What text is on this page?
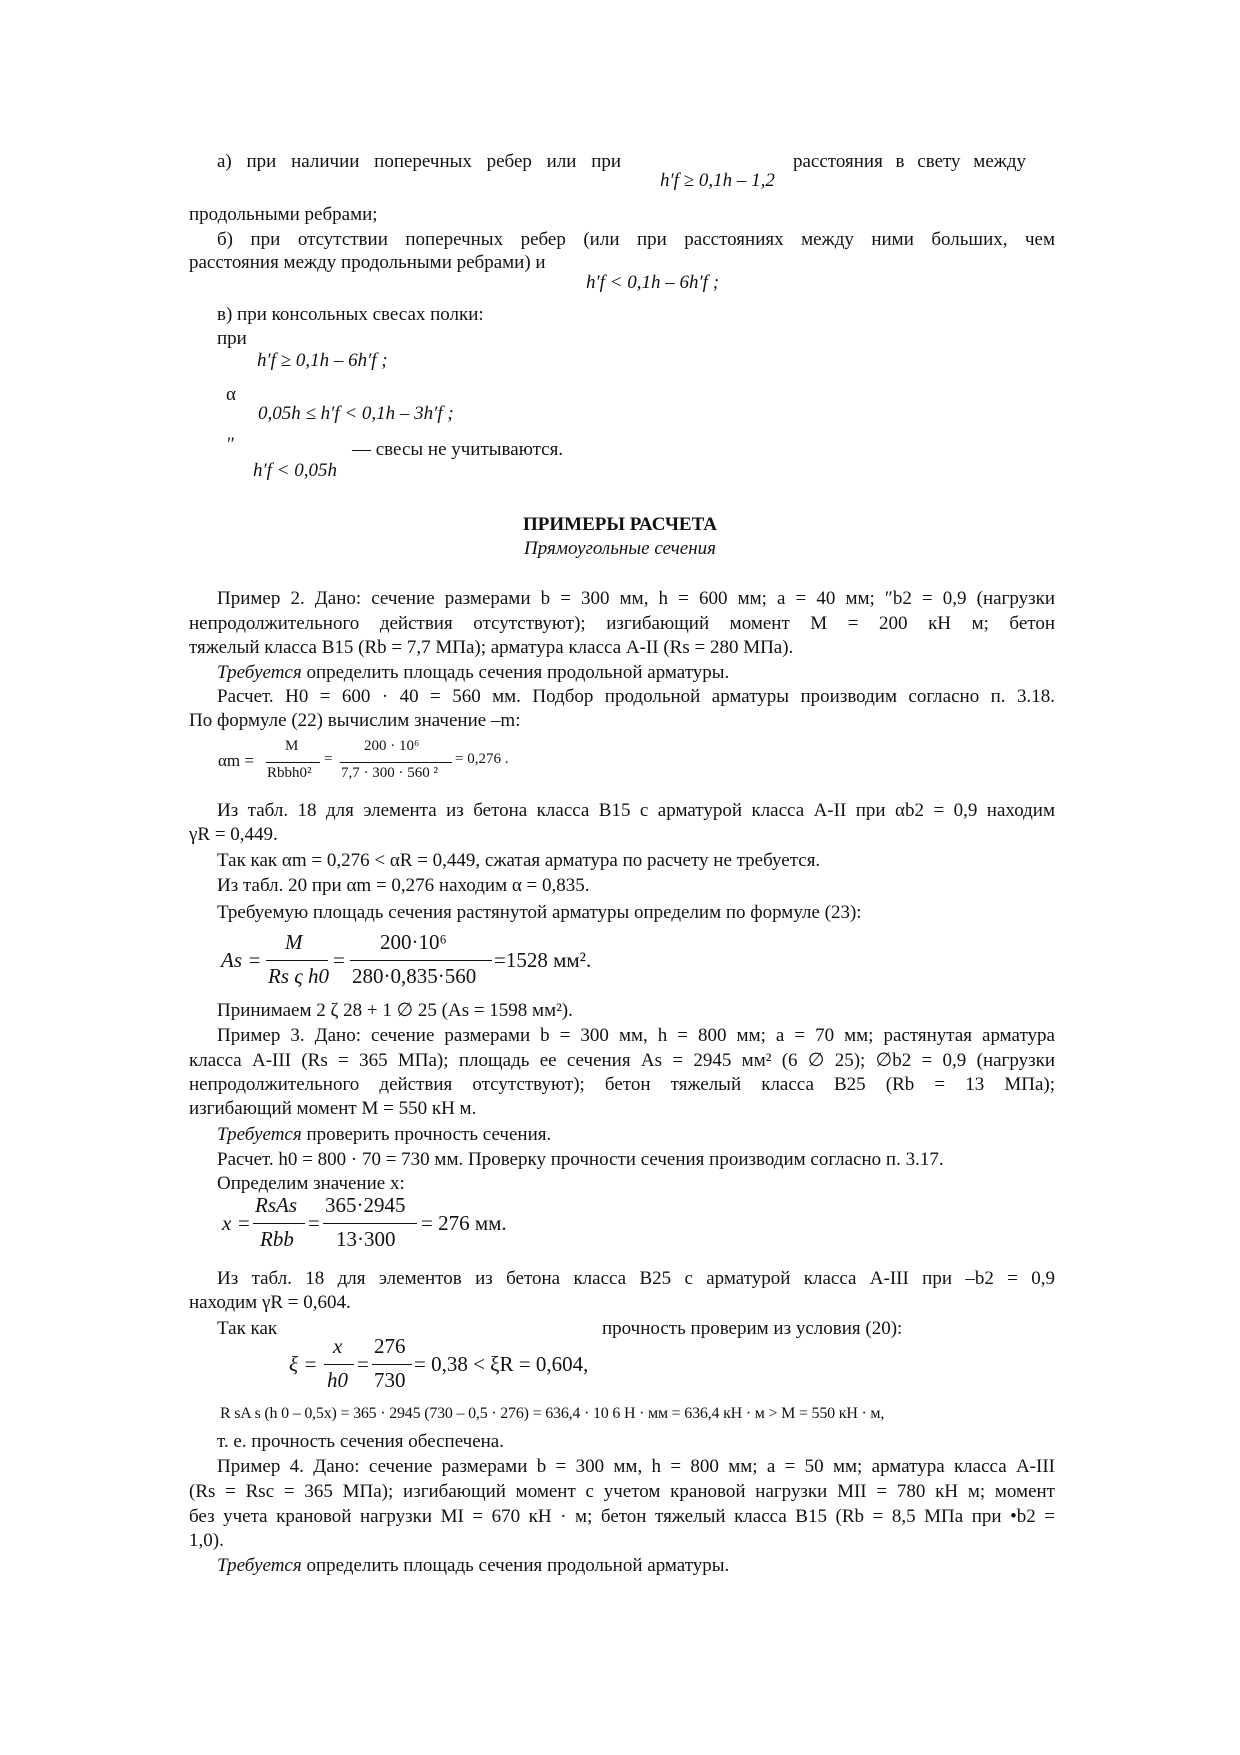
а) при наличии поперечных ребер или при	расстояния в свету между
h′f ≥ 0,1h – 1,2
продольными ребрами;
б) при отсутствии поперечных ребер (или при расстояниях между ними больших, чем
расстояния между продольными ребрами) и
h′f < 0,1h – 6h′f ;
в) при консольных свесах полки:
при
h′f ≥ 0,1h – 6h′f ;
α
0,05h ≤ h′f < 0,1h – 3h′f ;
″
h′f < 0,05h
— свесы не учитываются.
ПРИМЕРЫ РАСЧЕТА
Прямоугольные сечения
Пример 2. Дано: сечение размерами b = 300 мм, h = 600 мм; a = 40 мм; ″b2 = 0,9 (нагрузки
непродолжительного действия отсутствуют); изгибающий момент M = 200 кН м; бетон
тяжелый класса В15 (Rb = 7,7 МПа); арматура класса А-II (Rs = 280 МПа).
Требуется определить площадь сечения продольной арматуры.
Расчет. H0 = 600 · 40 = 560 мм. Подбор продольной арматуры производим согласно п. 3.18.
По формуле (22) вычислим значение –m:
αm =
M
Rbbh0²
=
200 · 10⁶
7,7 · 300 · 560 ²
= 0,276 .
Из табл. 18 для элемента из бетона класса В15 с арматурой класса А-II при αb2 = 0,9 находим
γR = 0,449.
Так как αm = 0,276 < αR = 0,449, сжатая арматура по расчету не требуется.
Из табл. 20 при αm = 0,276 находим α = 0,835.
Требуемую площадь сечения растянутой арматуры определим по формуле (23):
As =
M
Rs ς h0
=
200·10⁶
280·0,835·560
=1528 мм².
Принимаем 2 ζ 28 + 1 ∅ 25 (As = 1598 мм²).
Пример 3. Дано: сечение размерами b = 300 мм, h = 800 мм; a = 70 мм; растянутая арматура
класса А-III (Rs = 365 МПа); площадь ее сечения As = 2945 мм² (6 ∅ 25); ∅b2 = 0,9 (нагрузки
непродолжительного действия отсутствуют); бетон тяжелый класса В25 (Rb = 13 МПа);
изгибающий момент M = 550 кН м.
Требуется проверить прочность сечения.
Расчет. h0 = 800 · 70 = 730 мм. Проверку прочности сечения производим согласно п. 3.17.
Определим значение x:
x =
RsAs
Rbb
=
365·2945
13·300
= 276 мм.
Из табл. 18 для элементов из бетона класса В25 с арматурой класса А-III при –b2 = 0,9
находим γR = 0,604.
Так как	прочность проверим из условия (20):
ξ =
x
h0
=
276
730
= 0,38 < ξR = 0,604,
R sA s (h 0 – 0,5x) = 365 · 2945 (730 – 0,5 · 276) = 636,4 · 10 6 Н · мм = 636,4 кН · м > M = 550 кН · м,
т. е. прочность сечения обеспечена.
Пример 4. Дано: сечение размерами b = 300 мм, h = 800 мм; a = 50 мм; арматура класса А-III
(Rs = Rsc = 365 МПа); изгибающий момент с учетом крановой нагрузки MII = 780 кН м; момент
без учета крановой нагрузки MI = 670 кН · м; бетон тяжелый класса В15 (Rb = 8,5 МПа при •b2 =
1,0).
Требуется определить площадь сечения продольной арматуры.
